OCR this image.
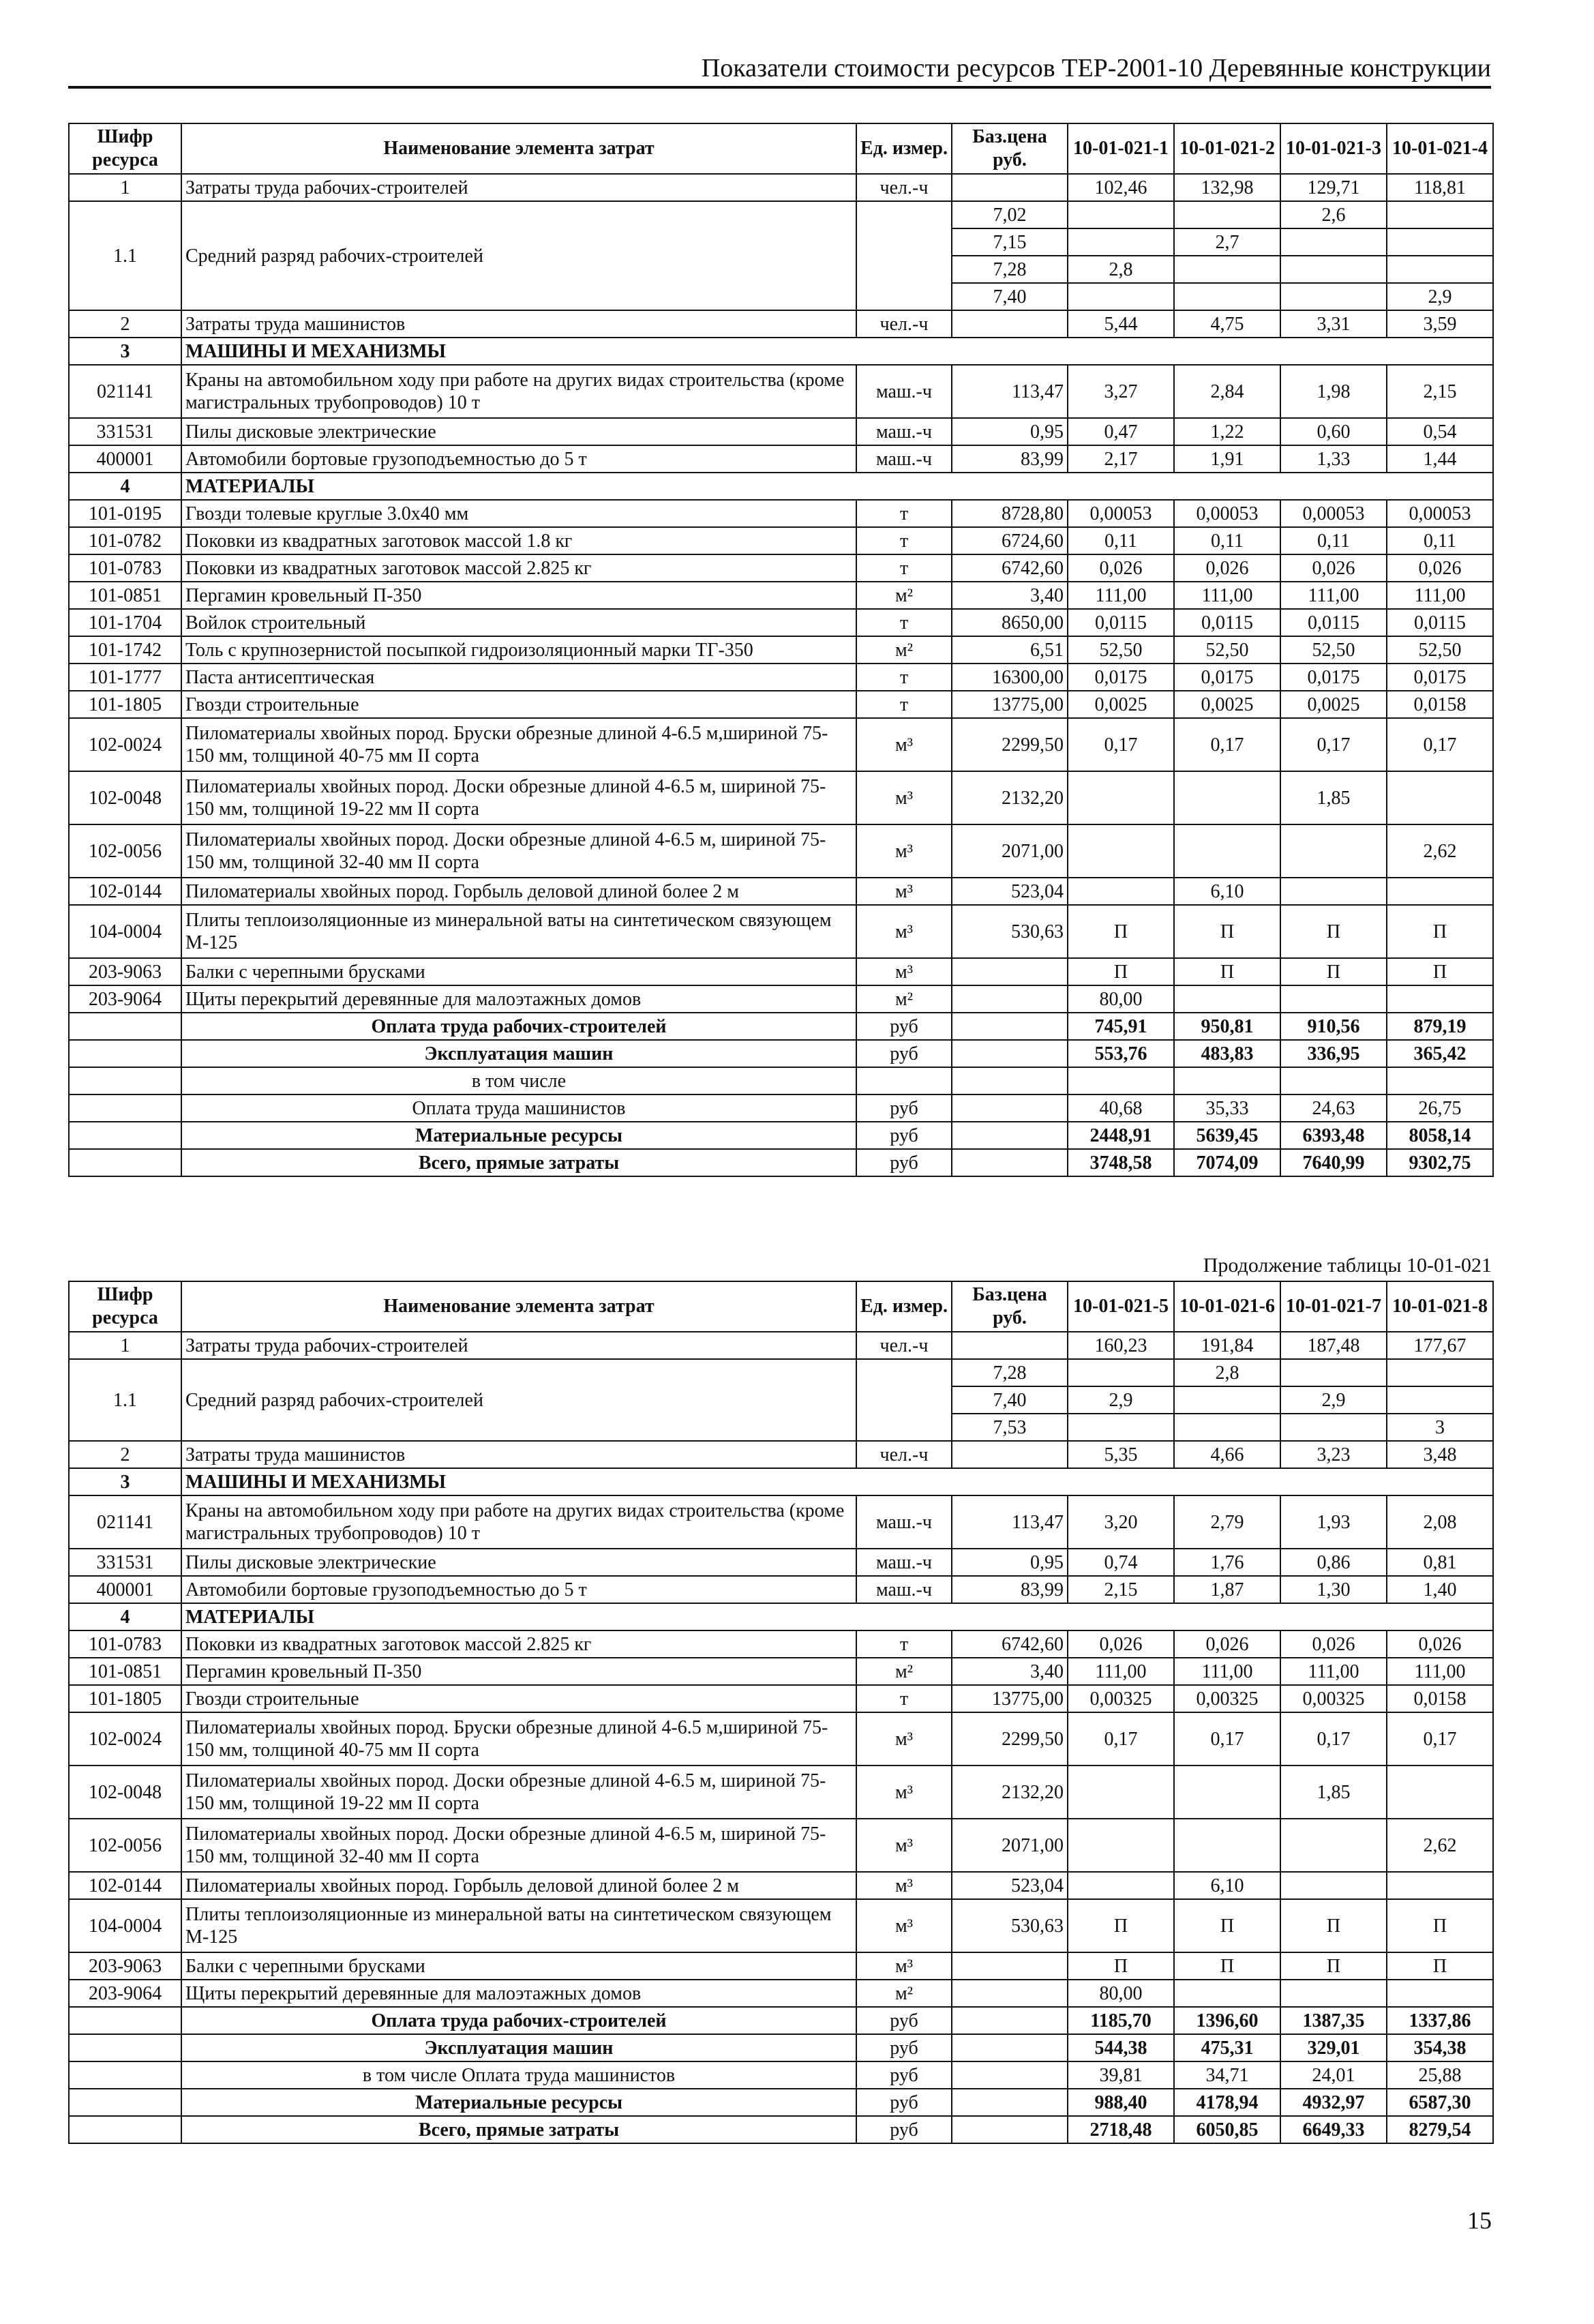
Показатели стоимости ресурсов ТЕР-2001-10 Деревянные конструкции
Шифр ресурса	Наименование элемента затрат	Ед. измер.	Баз.цена руб.	10-01-021-1	10-01-021-2	10-01-021-3	10-01-021-4
1	Затраты труда рабочих-строителей	чел.-ч		102,46	132,98	129,71	118,81
1.1	Средний разряд рабочих-строителей		7,02			2,6	
			7,15		2,7		
			7,28	2,8			
			7,40				2,9
2	Затраты труда машинистов	чел.-ч		5,44	4,75	3,31	3,59
3	МАШИНЫ И МЕХАНИЗМЫ						
021141	Краны на автомобильном ходу при работе на других видах строительства (кроме магистральных трубопроводов) 10 т	маш.-ч	113,47	3,27	2,84	1,98	2,15
331531	Пилы дисковые электрические	маш.-ч	0,95	0,47	1,22	0,60	0,54
400001	Автомобили бортовые грузоподъемностью до 5 т	маш.-ч	83,99	2,17	1,91	1,33	1,44
4	МАТЕРИАЛЫ						
101-0195	Гвозди толевые круглые 3.0x40 мм	т	8728,80	0,00053	0,00053	0,00053	0,00053
101-0782	Поковки из квадратных заготовок массой 1.8 кг	т	6724,60	0,11	0,11	0,11	0,11
101-0783	Поковки из квадратных заготовок массой 2.825 кг	т	6742,60	0,026	0,026	0,026	0,026
101-0851	Пергамин кровельный П-350	м²	3,40	111,00	111,00	111,00	111,00
101-1704	Войлок строительный	т	8650,00	0,0115	0,0115	0,0115	0,0115
101-1742	Толь с крупнозернистой посыпкой гидроизоляционный марки ТГ-350	м²	6,51	52,50	52,50	52,50	52,50
101-1777	Паста антисептическая	т	16300,00	0,0175	0,0175	0,0175	0,0175
101-1805	Гвозди строительные	т	13775,00	0,0025	0,0025	0,0025	0,0158
102-0024	Пиломатериалы хвойных пород. Бруски обрезные длиной 4-6.5 м,шириной 75-150 мм, толщиной 40-75 мм II сорта	м³	2299,50	0,17	0,17	0,17	0,17
102-0048	Пиломатериалы хвойных пород. Доски обрезные длиной 4-6.5 м, шириной 75-150 мм, толщиной 19-22 мм II сорта	м³	2132,20			1,85	
102-0056	Пиломатериалы хвойных пород. Доски обрезные длиной 4-6.5 м, шириной 75-150 мм, толщиной 32-40 мм II сорта	м³	2071,00				2,62
102-0144	Пиломатериалы хвойных пород. Горбыль деловой длиной более 2 м	м³	523,04		6,10		
104-0004	Плиты теплоизоляционные из минеральной ваты на синтетическом связующем М-125	м³	530,63	П	П	П	П
203-9063	Балки с черепными брусками	м³		П	П	П	П
203-9064	Щиты перекрытий деревянные для малоэтажных домов	м²		80,00			
	Оплата труда рабочих-строителей	руб		745,91	950,81	910,56	879,19
	Эксплуатация машин	руб		553,76	483,83	336,95	365,42
	в том числе						
	Оплата труда машинистов	руб		40,68	35,33	24,63	26,75
	Материальные ресурсы	руб		2448,91	5639,45	6393,48	8058,14
	Всего, прямые затраты	руб		3748,58	7074,09	7640,99	9302,75
Продолжение таблицы 10-01-021
Шифр ресурса	Наименование элемента затрат	Ед. измер.	Баз.цена руб.	10-01-021-5	10-01-021-6	10-01-021-7	10-01-021-8
1	Затраты труда рабочих-строителей	чел.-ч		160,23	191,84	187,48	177,67
1.1	Средний разряд рабочих-строителей		7,28		2,8		
			7,40	2,9		2,9	
			7,53				3
2	Затраты труда машинистов	чел.-ч		5,35	4,66	3,23	3,48
3	МАШИНЫ И МЕХАНИЗМЫ						
021141	Краны на автомобильном ходу при работе на других видах строительства (кроме магистральных трубопроводов) 10 т	маш.-ч	113,47	3,20	2,79	1,93	2,08
331531	Пилы дисковые электрические	маш.-ч	0,95	0,74	1,76	0,86	0,81
400001	Автомобили бортовые грузоподъемностью до 5 т	маш.-ч	83,99	2,15	1,87	1,30	1,40
4	МАТЕРИАЛЫ						
101-0783	Поковки из квадратных заготовок массой 2.825 кг	т	6742,60	0,026	0,026	0,026	0,026
101-0851	Пергамин кровельный П-350	м²	3,40	111,00	111,00	111,00	111,00
101-1805	Гвозди строительные	т	13775,00	0,00325	0,00325	0,00325	0,0158
102-0024	Пиломатериалы хвойных пород. Бруски обрезные длиной 4-6.5 м,шириной 75-150 мм, толщиной 40-75 мм II сорта	м³	2299,50	0,17	0,17	0,17	0,17
102-0048	Пиломатериалы хвойных пород. Доски обрезные длиной 4-6.5 м, шириной 75-150 мм, толщиной 19-22 мм II сорта	м³	2132,20			1,85	
102-0056	Пиломатериалы хвойных пород. Доски обрезные длиной 4-6.5 м, шириной 75-150 мм, толщиной 32-40 мм II сорта	м³	2071,00				2,62
102-0144	Пиломатериалы хвойных пород. Горбыль деловой длиной более 2 м	м³	523,04		6,10		
104-0004	Плиты теплоизоляционные из минеральной ваты на синтетическом связующем М-125	м³	530,63	П	П	П	П
203-9063	Балки с черепными брусками	м³		П	П	П	П
203-9064	Щиты перекрытий деревянные для малоэтажных домов	м²		80,00			
	Оплата труда рабочих-строителей	руб		1185,70	1396,60	1387,35	1337,86
	Эксплуатация машин	руб		544,38	475,31	329,01	354,38
	в том числе Оплата труда машинистов	руб		39,81	34,71	24,01	25,88
	Материальные ресурсы	руб		988,40	4178,94	4932,97	6587,30
	Всего, прямые затраты	руб		2718,48	6050,85	6649,33	8279,54
15
